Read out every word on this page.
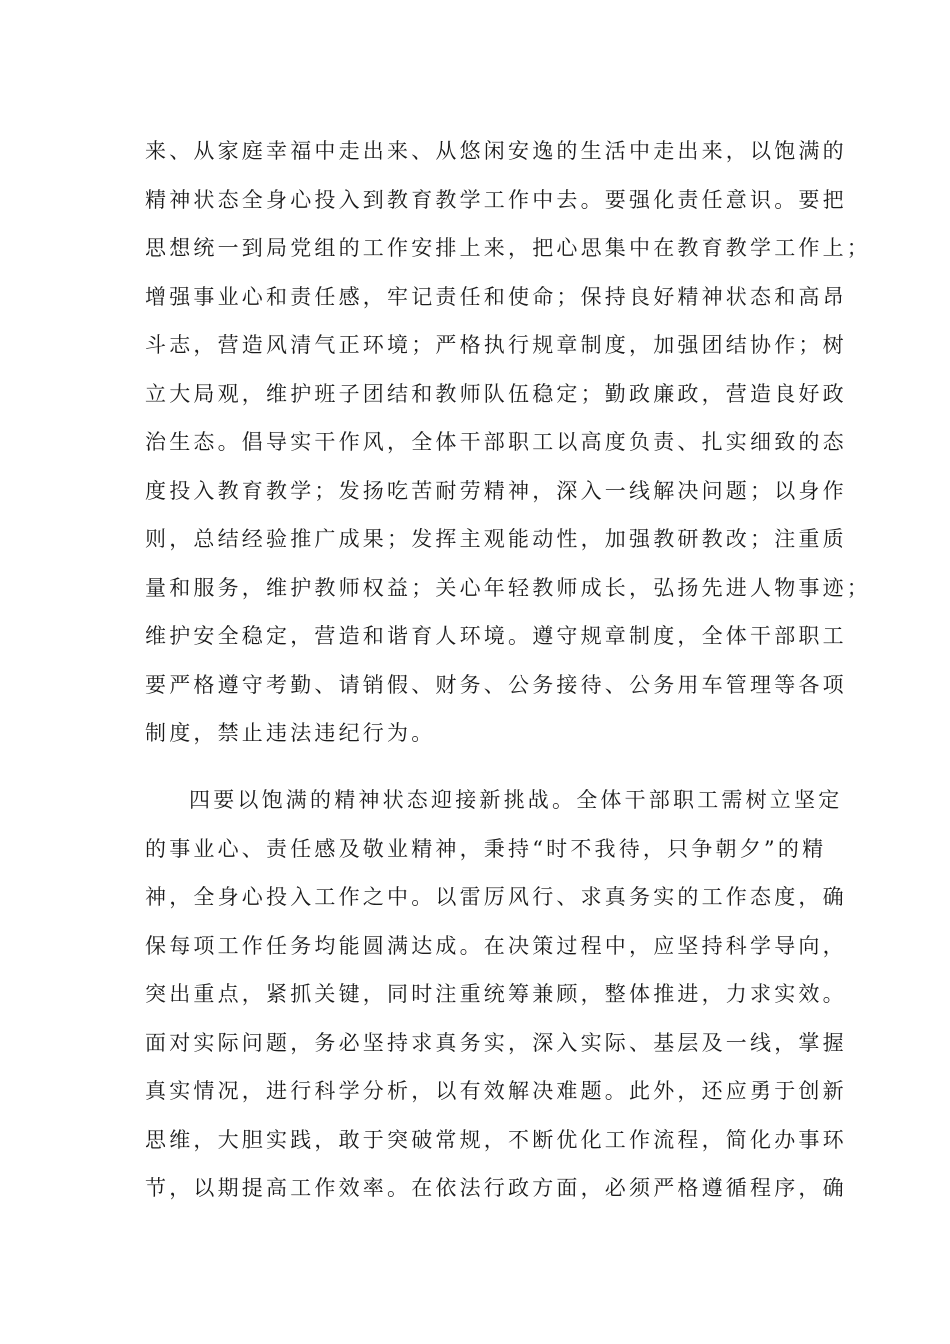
来、从家庭幸福中走出来、从悠闲安逸的生活中走出来，以饱满的
精神状态全身心投入到教育教学工作中去。要强化责任意识。要把
思想统一到局党组的工作安排上来，把心思集中在教育教学工作上；
增强事业心和责任感，牢记责任和使命；保持良好精神状态和高昂
斗志，营造风清气正环境；严格执行规章制度，加强团结协作；树
立大局观，维护班子团结和教师队伍稳定；勤政廉政，营造良好政
治生态。倡导实干作风，全体干部职工以高度负责、扎实细致的态
度投入教育教学；发扬吃苦耐劳精神，深入一线解决问题；以身作
则，总结经验推广成果；发挥主观能动性，加强教研教改；注重质
量和服务，维护教师权益；关心年轻教师成长，弘扬先进人物事迹；
维护安全稳定，营造和谐育人环境。遵守规章制度，全体干部职工
要严格遵守考勤、请销假、财务、公务接待、公务用车管理等各项
制度，禁止违法违纪行为。
四要以饱满的精神状态迎接新挑战。全体干部职工需树立坚定
的事业心、责任感及敬业精神，秉持“时不我待，只争朝夕”的精
神，全身心投入工作之中。以雷厉风行、求真务实的工作态度，确
保每项工作任务均能圆满达成。在决策过程中，应坚持科学导向，
突出重点，紧抓关键，同时注重统筹兼顾，整体推进，力求实效。
面对实际问题，务必坚持求真务实，深入实际、基层及一线，掌握
真实情况，进行科学分析，以有效解决难题。此外，还应勇于创新
思维，大胆实践，敢于突破常规，不断优化工作流程，简化办事环
节，以期提高工作效率。在依法行政方面，必须严格遵循程序，确
